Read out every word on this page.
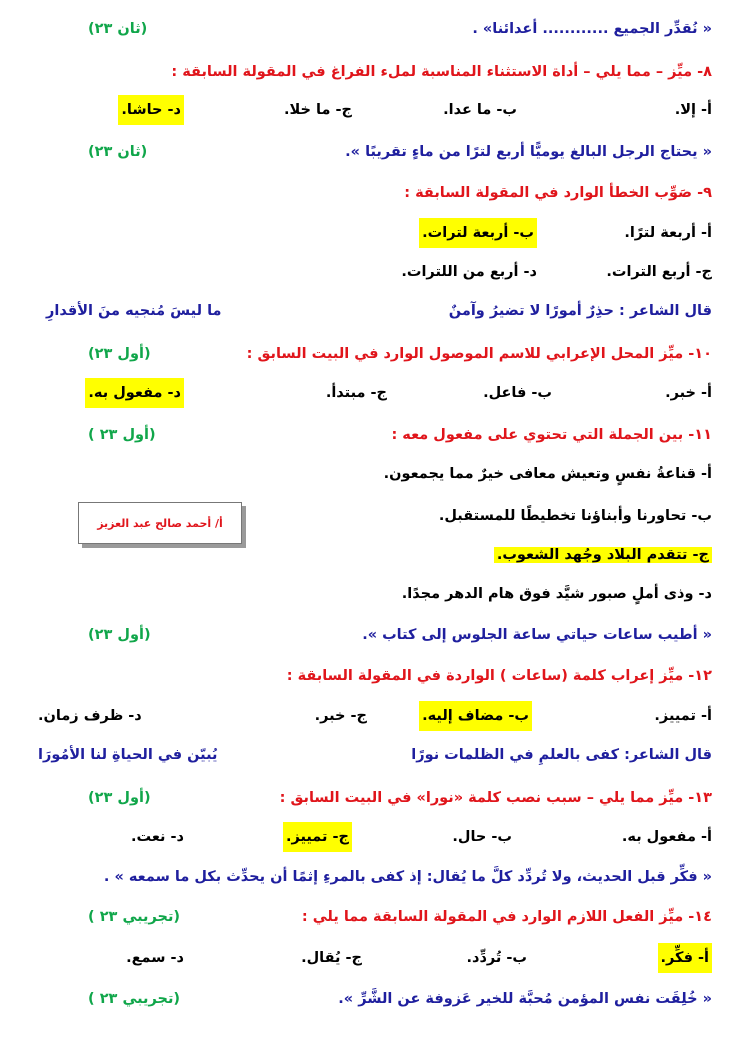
« نُقدِّر الجميع ............ أعدائنا» .
(ثان ٢٣)
٨- ميِّز – مما يلي – أداة الاستثناء المناسبة لملء الفراغ في المقولة السابقة :
أ- إلا.
ب- ما عدا.
ج- ما خلا.
د- حاشا.
« يحتاج الرجل البالغ يوميًّا أربع لترًا من ماءٍ تقريبًا ».
(ثان ٢٣)
٩- صَوِّب الخطأ الوارد في المقولة السابقة :
أ- أربعة لترًا.
ب- أربعة لترات.
ج- أربع الترات.
د- أربع من اللترات.
قال الشاعر : حذِرٌ أمورًا لا تضيرُ وآمنٌ
ما ليسَ مُنجيه منَ الأقدارِ
١٠- ميِّز المحل الإعرابي للاسم الموصول الوارد في البيت السابق :
(أول ٢٣)
أ- خبر.
ب- فاعل.
ج- مبتدأ.
د- مفعول به.
١١- بين الجملة التي تحتوي على مفعول معه :
(أول ٢٣ )
أ- قناعةُ نفسٍ وتعيش معافى خيرٌ مما يجمعون.
ب- تحاورنا وأبناؤنا تخطيطًا للمستقبل.
أ/ أحمد صالح عبد العزيز
ج- تتقدم البلاد وجُهد الشعوب.
د- وذى أملٍ صبور شيَّد فوق هام الدهر مجدًا.
« أطيب ساعات حياتي ساعة الجلوس إلى كتاب ».
(أول ٢٣)
١٢- ميِّز إعراب كلمة (ساعات ) الواردة في المقولة السابقة :
أ- تمييز.
ب- مضاف إليه.
ج- خبر.
د- ظرف زمان.
قال الشاعر: كفى بالعلمِ في الظلمات نورًا
يُبيّن في الحياةِ لنا الأمُورَا
١٣- ميِّز مما يلي – سبب نصب كلمة «نورا» في البيت السابق :
(أول ٢٣)
أ- مفعول به.
ب- حال.
ج- تمييز.
د- نعت.
« فكِّر قبل الحديث، ولا تُردِّد كلَّ ما يُقال: إذ كفى بالمرءِ إثمًا أن يحدِّث بكل ما سمعه » .
١٤- ميِّز الفعل اللازم الوارد في المقولة السابقة مما يلي :
(تجريبي ٢٣ )
أ- فكِّر.
ب- تُردِّد.
ج- يُقال.
د- سمع.
« خُلِقَت نفس المؤمن مُحبَّة للخير عَزوفة عن الشَّرِّ ».
(تجريبي ٢٣ )
